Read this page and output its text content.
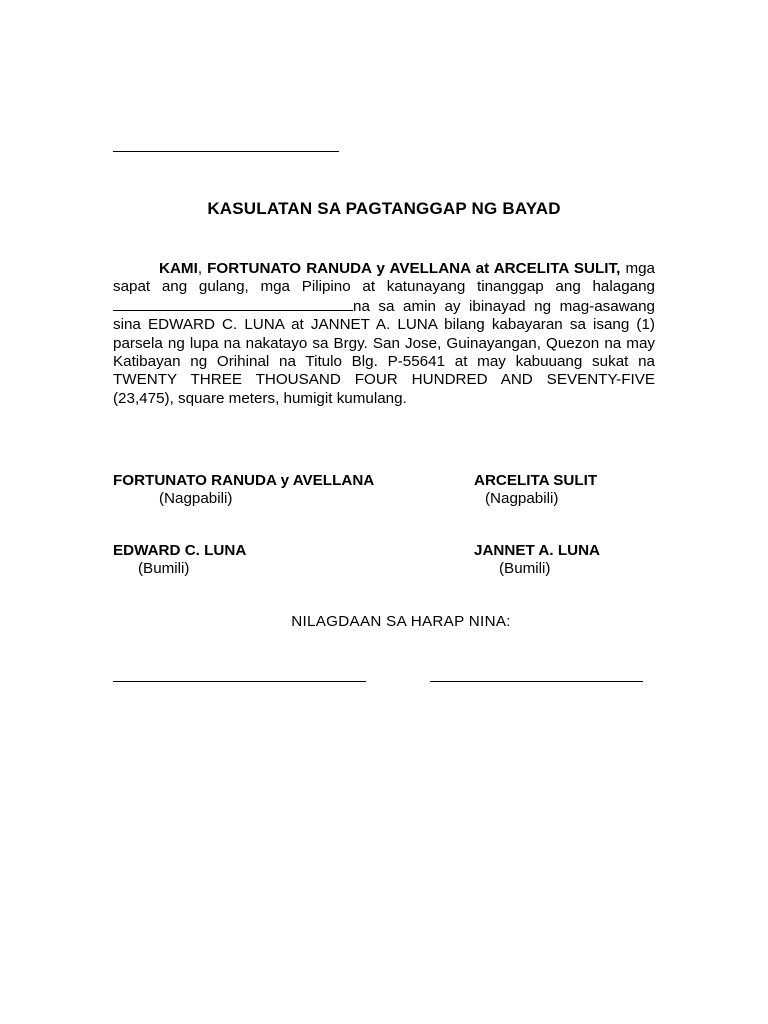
KASULATAN SA PAGTANGGAP NG BAYAD
KAMI, FORTUNATO RANUDA y AVELLANA at ARCELITA SULIT, mga sapat ang gulang, mga Pilipino at katunayang tinanggap ang halagang na sa amin ay ibinayad ng mag-asawang sina EDWARD C. LUNA at JANNET A. LUNA bilang kabayaran sa isang (1) parsela ng lupa na nakatayo sa Brgy. San Jose, Guinayangan, Quezon na may Katibayan ng Orihinal na Titulo Blg. P-55641 at may kabuuang sukat na TWENTY THREE THOUSAND FOUR HUNDRED AND SEVENTY-FIVE (23,475), square meters, humigit kumulang.
FORTUNATO RANUDA y AVELLANA
(Nagpabili)
ARCELITA SULIT
(Nagpabili)
EDWARD C. LUNA
(Bumili)
JANNET A. LUNA
(Bumili)
NILAGDAAN SA HARAP NINA:
